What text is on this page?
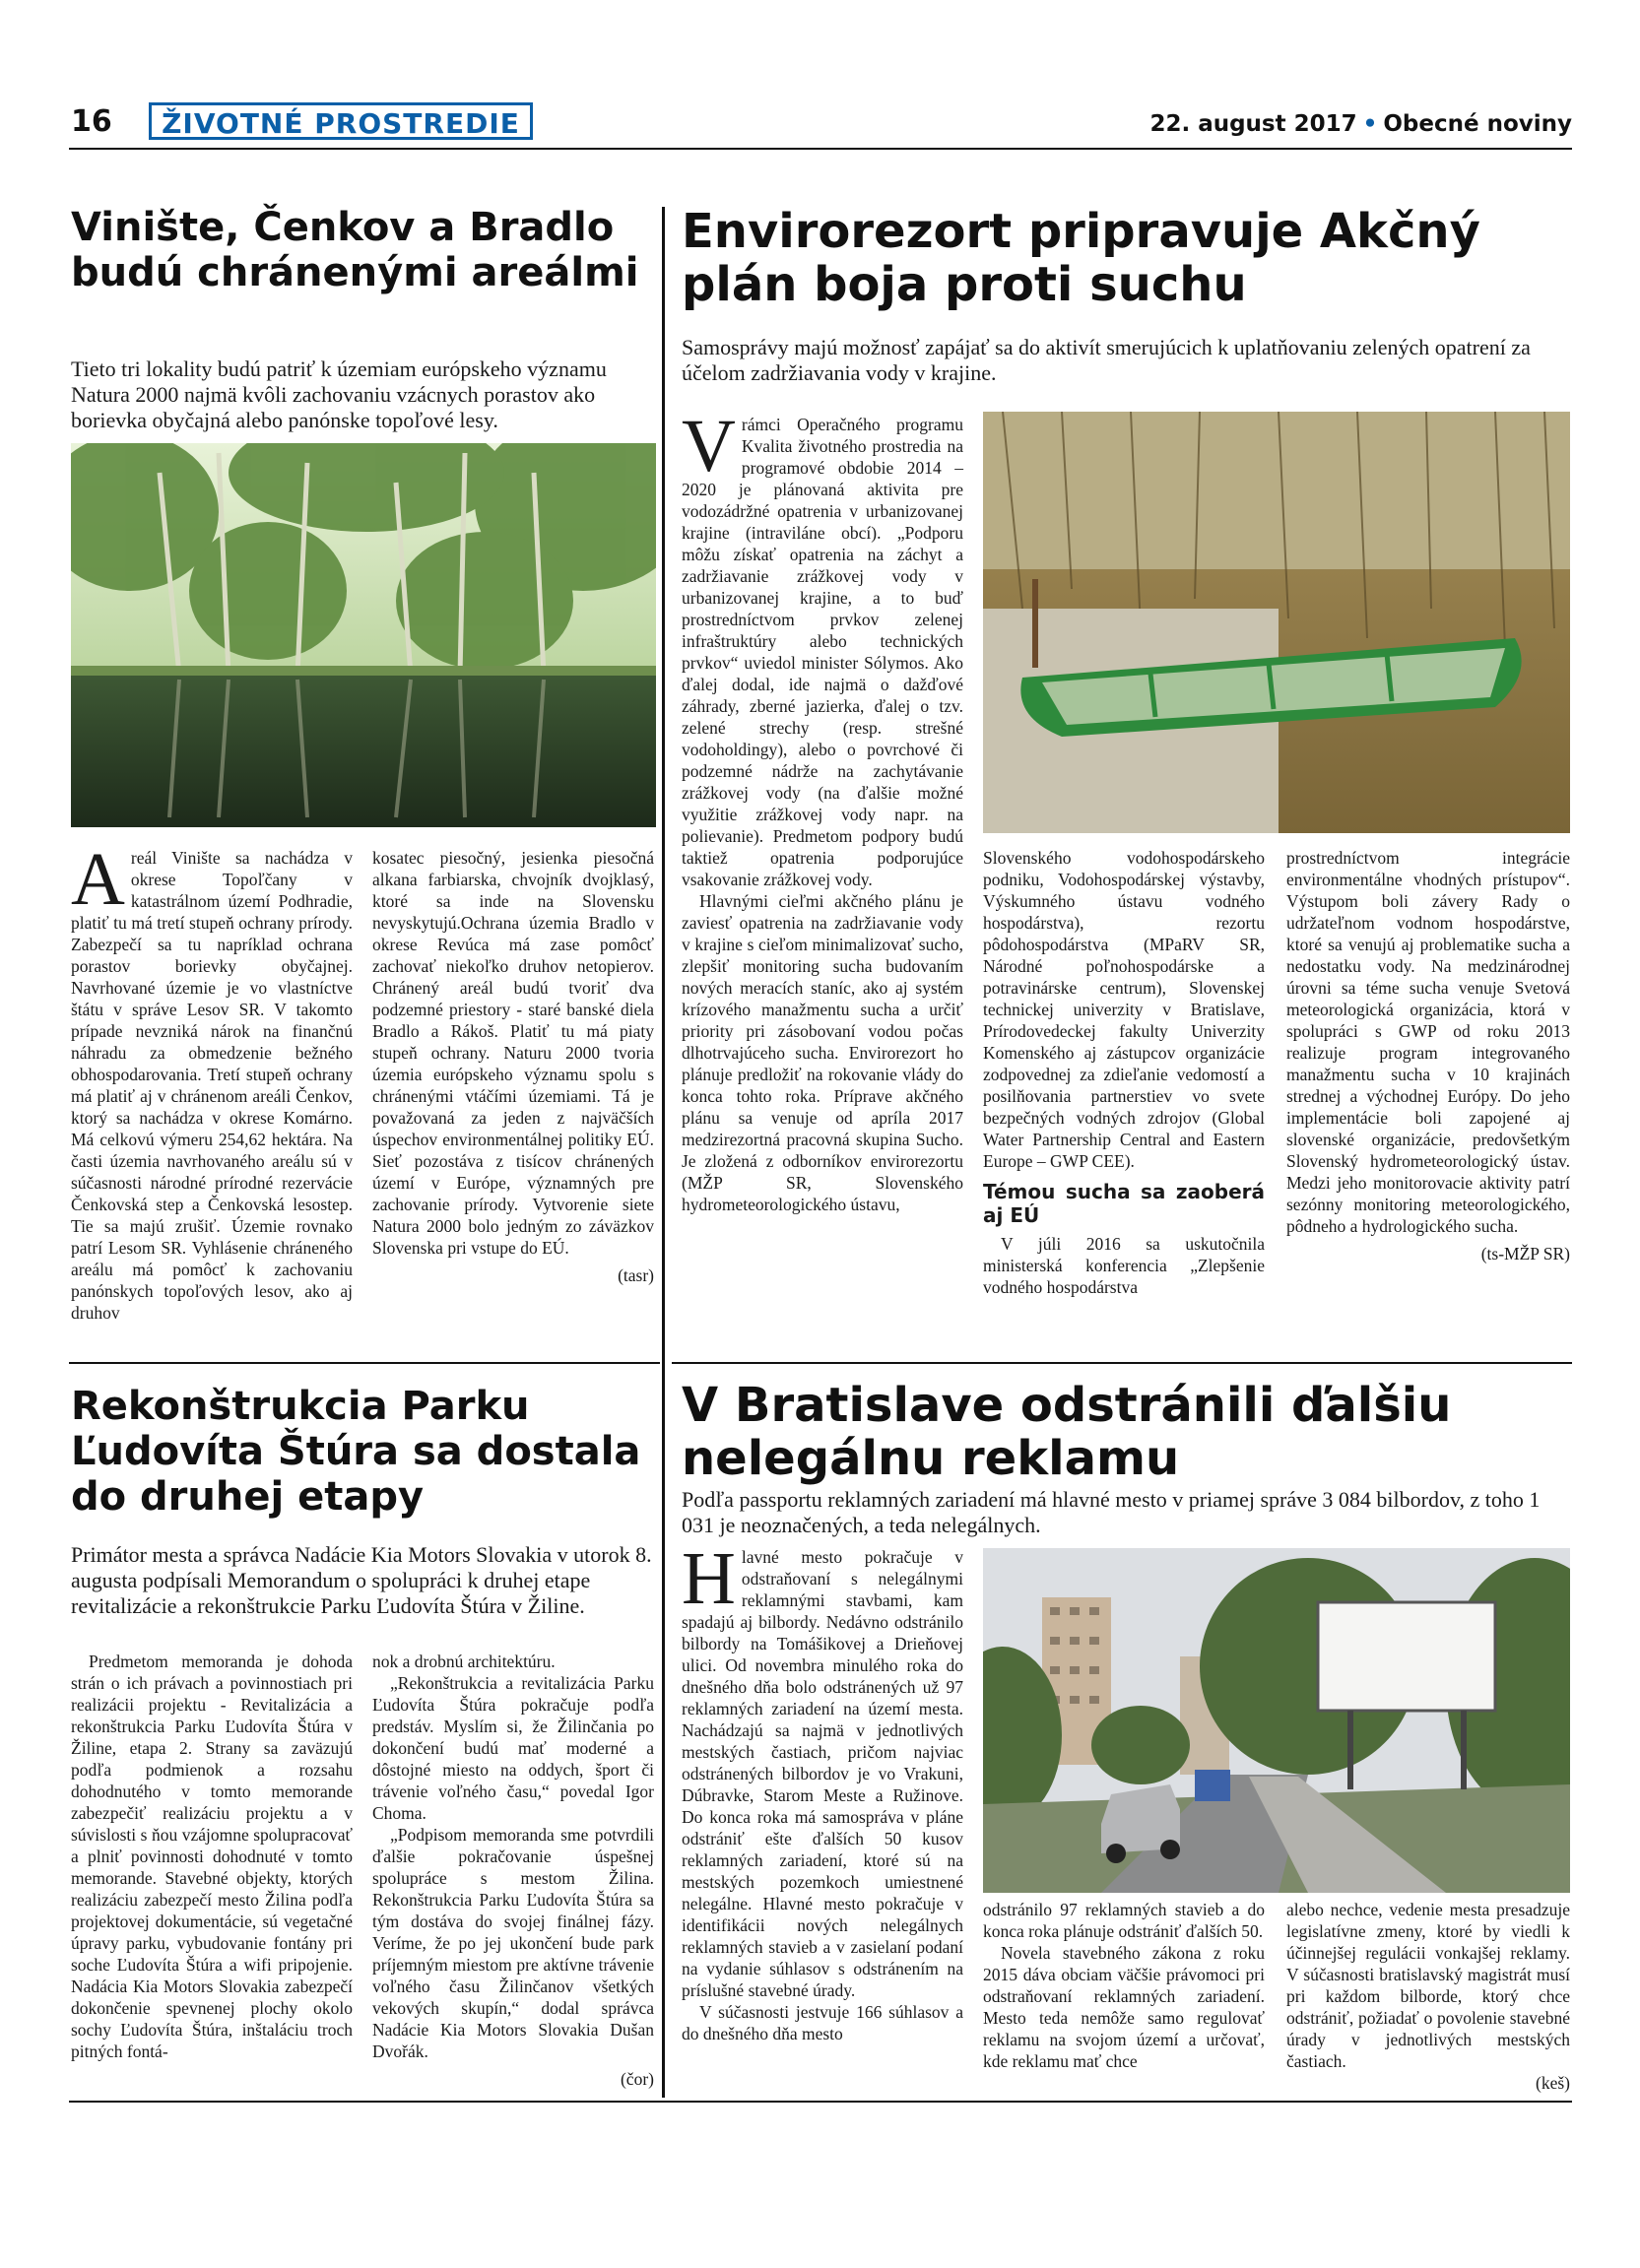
16	ŽIVOTNÉ PROSTREDIE	22. august 2017 • Obecné noviny
Vinište, Čenkov a Bradlo budú chránenými areálmi

Tieto tri lokality budú patriť k územiam európskeho významu Natura 2000 najmä kvôli zachovaniu vzácnych porastov ako borievka obyčajná alebo panónske topoľové lesy.

A reál Vinište sa nachádza v okrese Topoľčany v katastrálnom území Podhradie, platiť tu má tretí stupeň ochrany prírody. Zabezpečí sa tu napríklad ochrana porastov borievky obyčajnej. Navrhované územie je vo vlastníctve štátu v správe Lesov SR. V takomto prípade nevzniká nárok na finančnú náhradu za obmedzenie bežného obhospodarovania. Tretí stupeň ochrany má platiť aj v chránenom areáli Čenkov, ktorý sa nachádza v okrese Komárno. Má celkovú výmeru 254,62 hektára. Na časti územia navrhovaného areálu sú v súčasnosti národné prírodné rezervácie Čenkovská step a Čenkovská lesostep. Tie sa majú zrušiť. Územie rovnako patrí Lesom SR. Vyhlásenie chráneného areálu má pomôcť k zachovaniu panónskych topoľových lesov, ako aj druhov

kosatec piesočný, jesienka piesočná alkana farbiarska, chvojník dvojklasý, ktoré sa inde na Slovensku nevyskytujú.Ochrana územia Bradlo v okrese Revúca má zase pomôcť zachovať niekoľko druhov netopierov. Chránený areál budú tvoriť dva podzemné priestory - staré banské diela Bradlo a Rákoš. Platiť tu má piaty stupeň ochrany. Naturu 2000 tvoria územia európskeho významu spolu s chránenými vtáčími územiami. Tá je považovaná za jeden z najväčších úspechov environmentálnej politiky EÚ. Sieť pozostáva z tisícov chránených území v Európe, významných pre zachovanie prírody. Vytvorenie siete Natura 2000 bolo jedným zo záväzkov Slovenska pri vstupe do EÚ.

(tasr)
Envirorezort pripravuje Akčný plán boja proti suchu

Samosprávy majú možnosť zapájať sa do aktivít smerujúcich k uplatňovaniu zelených opatrení za účelom zadržiavania vody v krajine.

V rámci Operačného programu Kvalita životného prostredia na programové obdobie 2014 – 2020 je plánovaná aktivita pre vodozádržné opatrenia v urbanizovanej krajine (intraviláne obcí). „Podporu môžu získať opatrenia na záchyt a zadržiavanie zrážkovej vody v urbanizovanej krajine, a to buď prostredníctvom prvkov zelenej infraštruktúry alebo technických prvkov“ uviedol minister Sólymos. Ako ďalej dodal, ide najmä o dažďové záhrady, zberné jazierka, ďalej o tzv. zelené strechy (resp. strešné vodoholdingy), alebo o povrchové či podzemné nádrže na zachytávanie zrážkovej vody (na ďalšie možné využitie zrážkovej vody napr. na polievanie). Predmetom podpory budú taktiež opatrenia podporujúce vsakovanie zrážkovej vody.

Hlavnými cieľmi akčného plánu je zaviesť opatrenia na zadržiavanie vody v krajine s cieľom minimalizovať sucho, zlepšiť monitoring sucha budovaním nových meracích staníc, ako aj systém krízového manažmentu sucha a určiť priority pri zásobovaní vodou počas dlhotrvajúceho sucha. Envirorezort ho plánuje predložiť na rokovanie vlády do konca tohto roka. Príprave akčného plánu sa venuje od apríla 2017 medzirezortná pracovná skupina Sucho. Je zložená z odborníkov envirorezortu (MŽP SR, Slovenského hydrometeorologického ústavu,

Slovenského vodohospodárskeho podniku, Vodohospodárskej výstavby, Výskumného ústavu vodného hospodárstva), rezortu pôdohospodárstva (MPaRV SR, Národné poľnohospodárske a potravinárske centrum), Slovenskej technickej univerzity v Bratislave, Prírodovedeckej fakulty Univerzity Komenského aj zástupcov organizácie zodpovednej za zdieľanie vedomostí a posilňovania partnerstiev vo svete bezpečných vodných zdrojov (Global Water Partnership Central and Eastern Europe – GWP CEE).

Témou sucha sa zaoberá aj EÚ

V júli 2016 sa uskutočnila ministerská konferencia „Zlepšenie vodného hospodárstva

prostredníctvom integrácie environmentálne vhodných prístupov“. Výstupom boli závery Rady o udržateľnom vodnom hospodárstve, ktoré sa venujú aj problematike sucha a nedostatku vody. Na medzinárodnej úrovni sa téme sucha venuje Svetová meteorologická organizácia, ktorá v spolupráci s GWP od roku 2013 realizuje program integrovaného manažmentu sucha v 10 krajinách strednej a východnej Európy. Do jeho implementácie boli zapojené aj slovenské organizácie, predovšetkým Slovenský hydrometeorologický ústav. Medzi jeho monitorovacie aktivity patrí sezónny monitoring meteorologického, pôdneho a hydrologického sucha.

(ts-MŽP SR)
Rekonštrukcia Parku Ľudovíta Štúra sa dostala do druhej etapy

Primátor mesta a správca Nadácie Kia Motors Slovakia v utorok 8. augusta podpísali Memorandum o spolupráci k druhej etape revitalizácie a rekonštrukcie Parku Ľudovíta Štúra v Žiline.

Predmetom memoranda je dohoda strán o ich právach a povinnostiach pri realizácii projektu - Revitalizácia a rekonštrukcia Parku Ľudovíta Štúra v Žiline, etapa 2. Strany sa zaväzujú podľa podmienok a rozsahu dohodnutého v tomto memorande zabezpečiť realizáciu projektu a v súvislosti s ňou vzájomne spolupracovať a plniť povinnosti dohodnuté v tomto memorande. Stavebné objekty, ktorých realizáciu zabezpečí mesto Žilina podľa projektovej dokumentácie, sú vegetačné úpravy parku, vybudovanie fontány pri soche Ľudovíta Štúra a wifi pripojenie. Nadácia Kia Motors Slovakia zabezpečí dokončenie spevnenej plochy okolo sochy Ľudovíta Štúra, inštaláciu troch pitných fontá-

nok a drobnú architektúru.

„Rekonštrukcia a revitalizácia Parku Ľudovíta Štúra pokračuje podľa predstáv. Myslím si, že Žilinčania po dokončení budú mať moderné a dôstojné miesto na oddych, šport či trávenie voľného času,“ povedal Igor Choma.

„Podpisom memoranda sme potvrdili ďalšie pokračovanie úspešnej spolupráce s mestom Žilina. Rekonštrukcia Parku Ľudovíta Štúra sa tým dostáva do svojej finálnej fázy. Veríme, že po jej ukončení bude park príjemným miestom pre aktívne trávenie voľného času Žilinčanov všetkých vekových skupín,“ dodal správca Nadácie Kia Motors Slovakia Dušan Dvořák.

(čor)
V Bratislave odstránili ďalšiu nelegálnu reklamu

Podľa passportu reklamných zariadení má hlavné mesto v priamej správe 3 084 bilbordov, z toho 1 031 je neoznačených, a teda nelegálnych.

H lavné mesto pokračuje v odstraňovaní s nelegálnymi reklamnými stavbami, kam spadajú aj bilbordy. Nedávno odstránilo bilbordy na Tomášikovej a Drieňovej ulici. Od novembra minulého roka do dnešného dňa bolo odstránených už 97 reklamných zariadení na území mesta. Nachádzajú sa najmä v jednotlivých mestských častiach, pričom najviac odstránených bilbordov je vo Vrakuni, Dúbravke, Starom Meste a Ružinove. Do konca roka má samospráva v pláne odstrániť ešte ďalších 50 kusov reklamných zariadení, ktoré sú na mestských pozemkoch umiestnené nelegálne. Hlavné mesto pokračuje v identifikácii nových nelegálnych reklamných stavieb a v zasielaní podaní na vydanie súhlasov s odstránením na príslušné stavebné úrady.

V súčasnosti jestvuje 166 súhlasov a do dnešného dňa mesto

odstránilo 97 reklamných stavieb a do konca roka plánuje odstrániť ďalších 50.

Novela stavebného zákona z roku 2015 dáva obciam väčšie právomoci pri odstraňovaní reklamných zariadení. Mesto teda nemôže samo regulovať reklamu na svojom území a určovať, kde reklamu mať chce

alebo nechce, vedenie mesta presadzuje legislatívne zmeny, ktoré by viedli k účinnejšej regulácii vonkajšej reklamy. V súčasnosti bratislavský magistrát musí pri každom bilborde, ktorý chce odstrániť, požiadať o povolenie stavebné úrady v jednotlivých mestských častiach.

(keš)
